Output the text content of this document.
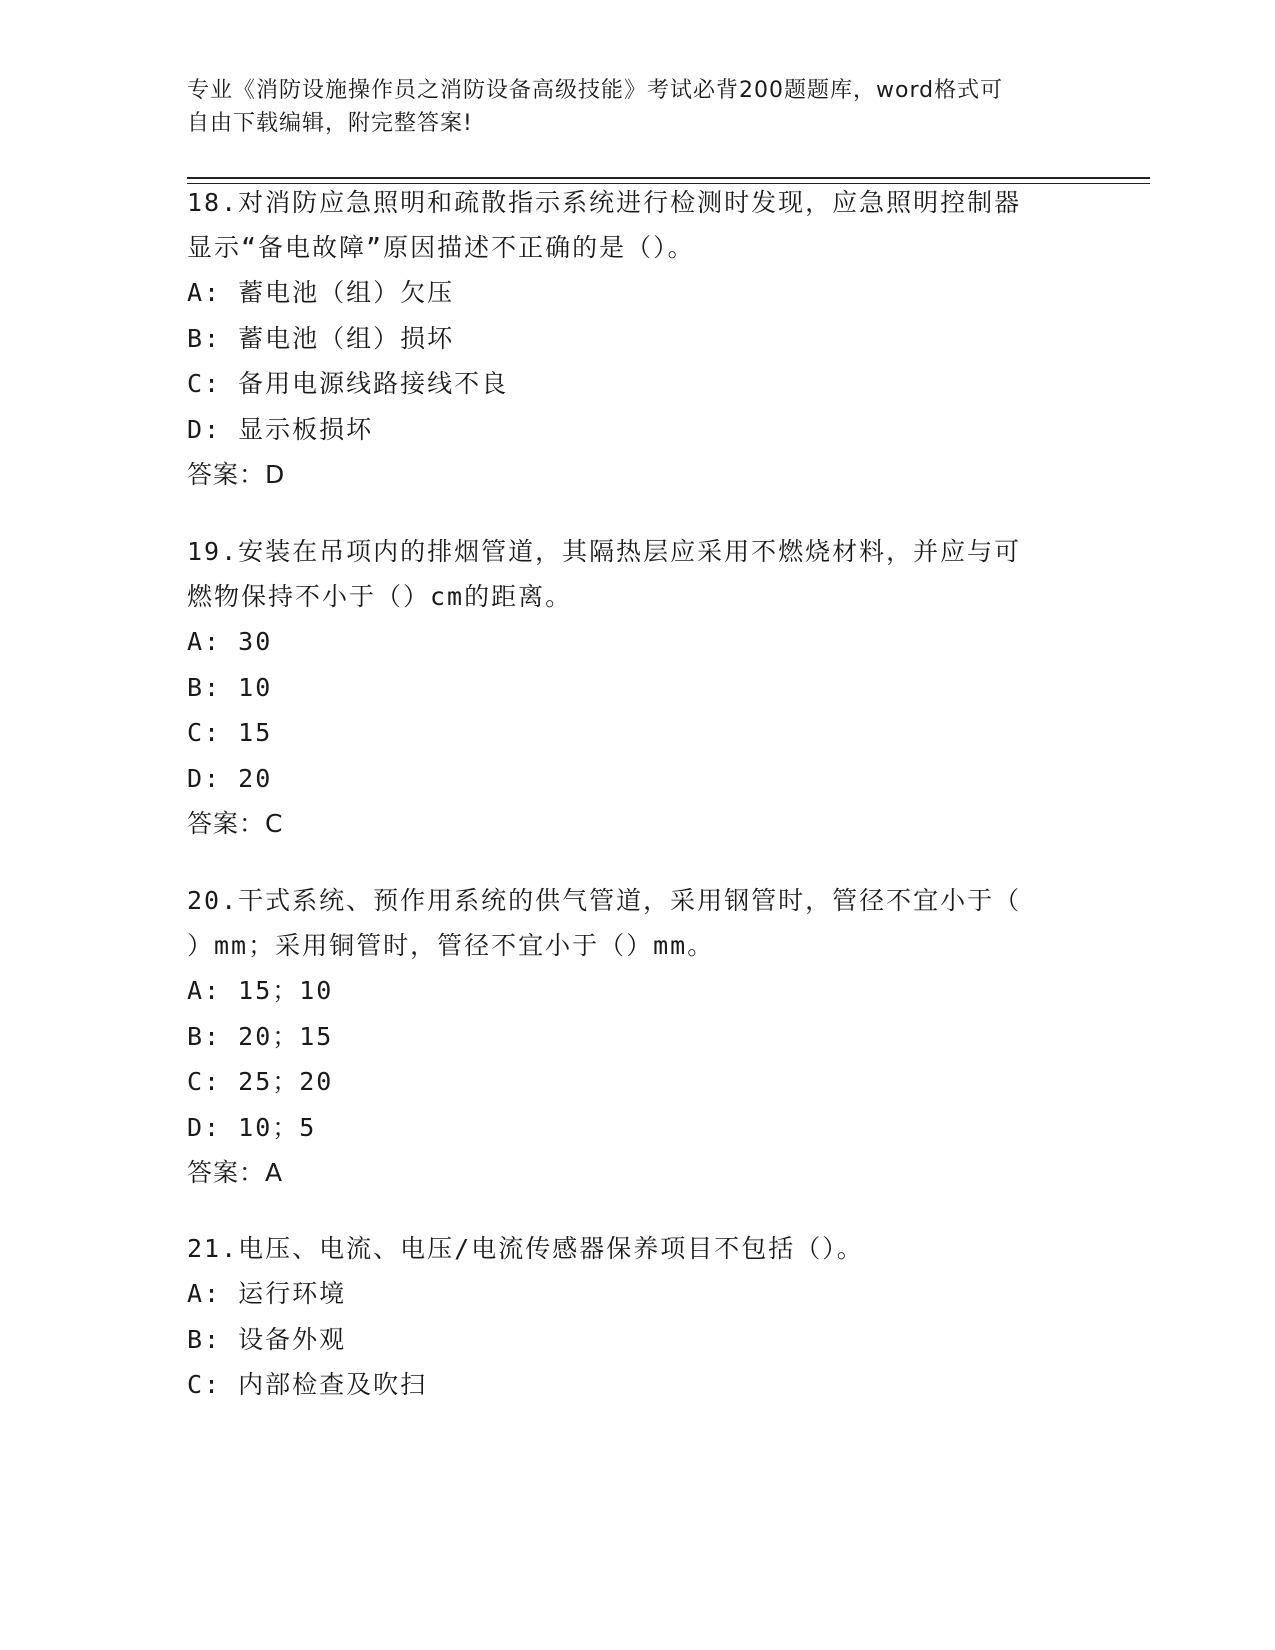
专业《消防设施操作员之消防设备高级技能》考试必背200题题库，word格式可
自由下载编辑，附完整答案!
18.对消防应急照明和疏散指示系统进行检测时发现，应急照明控制器
显示“备电故障”原因描述不正确的是（）。
A: 蓄电池（组）欠压
B: 蓄电池（组）损坏
C: 备用电源线路接线不良
D: 显示板损坏
答案：D
19.安装在吊项内的排烟管道，其隔热层应采用不燃烧材料，并应与可
燃物保持不小于（）cm的距离。
A: 30
B: 10
C: 15
D: 20
答案：C
20.干式系统、预作用系统的供气管道，采用钢管时，管径不宜小于（
）mm；采用铜管时，管径不宜小于（）mm。
A: 15；10
B: 20；15
C: 25；20
D: 10；5
答案：A
21.电压、电流、电压/电流传感器保养项目不包括（）。
A: 运行环境
B: 设备外观
C: 内部检查及吹扫
